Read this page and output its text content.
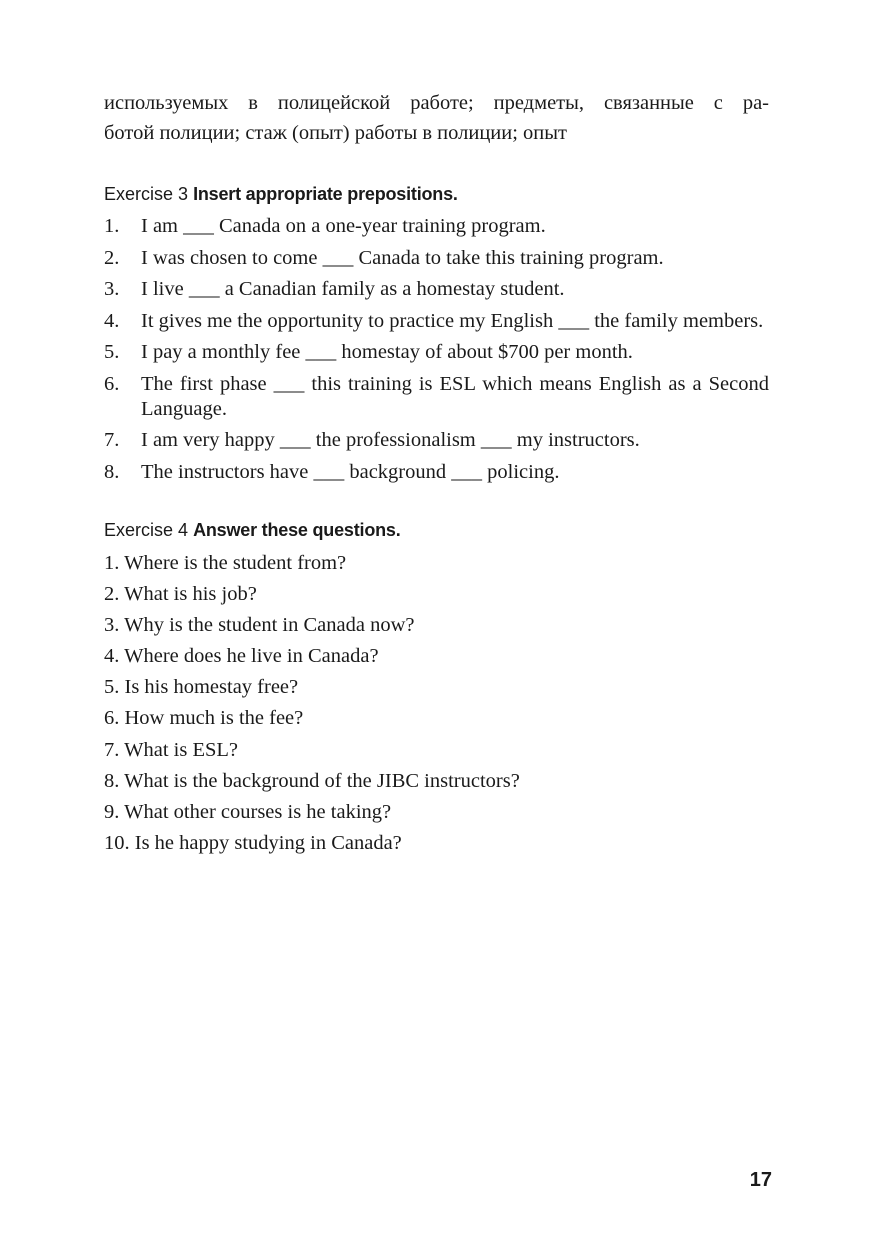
используемых в полицейской работе; предметы, связанные с ра-
ботой полиции; стаж (опыт) работы в полиции; опыт

Exercise 3 Insert appropriate prepositions.
1. I am ___ Canada on a one-year training program.
2. I was chosen to come ___ Canada to take this training program.
3. I live ___ a Canadian family as a homestay student.
4. It gives me the opportunity to practice my English ___ the family members.
5. I pay a monthly fee ___ homestay of about $700 per month.
6. The first phase ___ this training is ESL which means English as a Second Language.
7. I am very happy ___ the professionalism ___ my instructors.
8. The instructors have ___ background ___ policing.
Exercise 4 Answer these questions.
1. Where is the student from?
2. What is his job?
3. Why is the student in Canada now?
4. Where does he live in Canada?
5. Is his homestay free?
6. How much is the fee?
7. What is ESL?
8. What is the background of the JIBC instructors?
9. What other courses is he taking?
10. Is he happy studying in Canada?
17
